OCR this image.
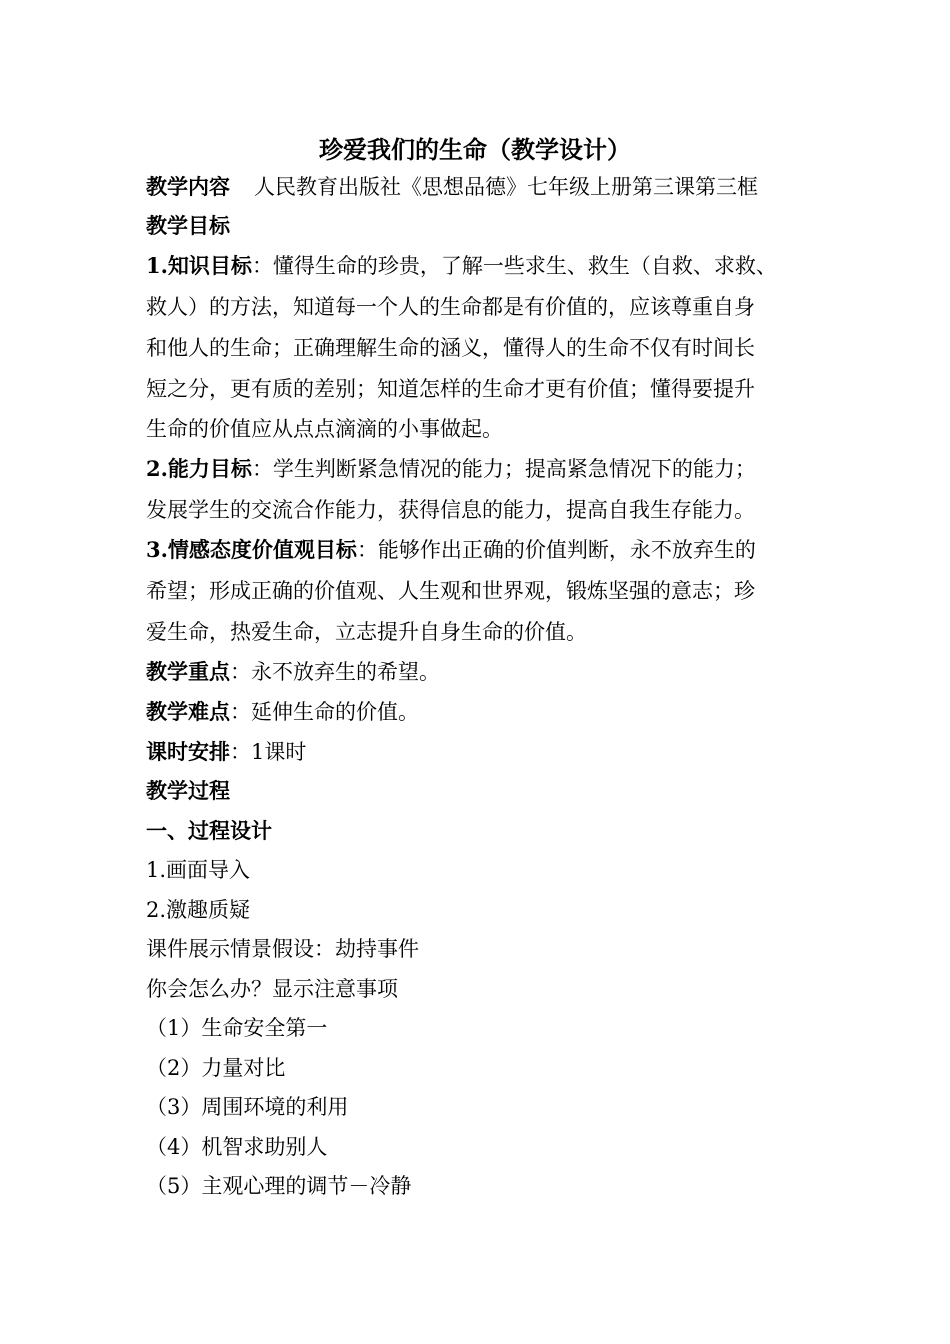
珍爱我们的生命（教学设计）
教学内容 人民教育出版社《思想品德》七年级上册第三课第三框
教学目标
1.知识目标：懂得生命的珍贵，了解一些求生、救生（自救、求救、
救人）的方法，知道每一个人的生命都是有价值的，应该尊重自身
和他人的生命；正确理解生命的涵义，懂得人的生命不仅有时间长
短之分，更有质的差别；知道怎样的生命才更有价值；懂得要提升
生命的价值应从点点滴滴的小事做起。
2.能力目标：学生判断紧急情况的能力；提高紧急情况下的能力；
发展学生的交流合作能力，获得信息的能力，提高自我生存能力。
3.情感态度价值观目标：能够作出正确的价值判断，永不放弃生的
希望；形成正确的价值观、人生观和世界观，锻炼坚强的意志；珍
爱生命，热爱生命，立志提升自身生命的价值。
教学重点：永不放弃生的希望。
教学难点：延伸生命的价值。
课时安排：1课时
教学过程
一、过程设计
1.画面导入
2.激趣质疑
课件展示情景假设：劫持事件
你会怎么办？显示注意事项
（1）生命安全第一
（2）力量对比
（3）周围环境的利用
（4）机智求助别人
（5）主观心理的调节－冷静
